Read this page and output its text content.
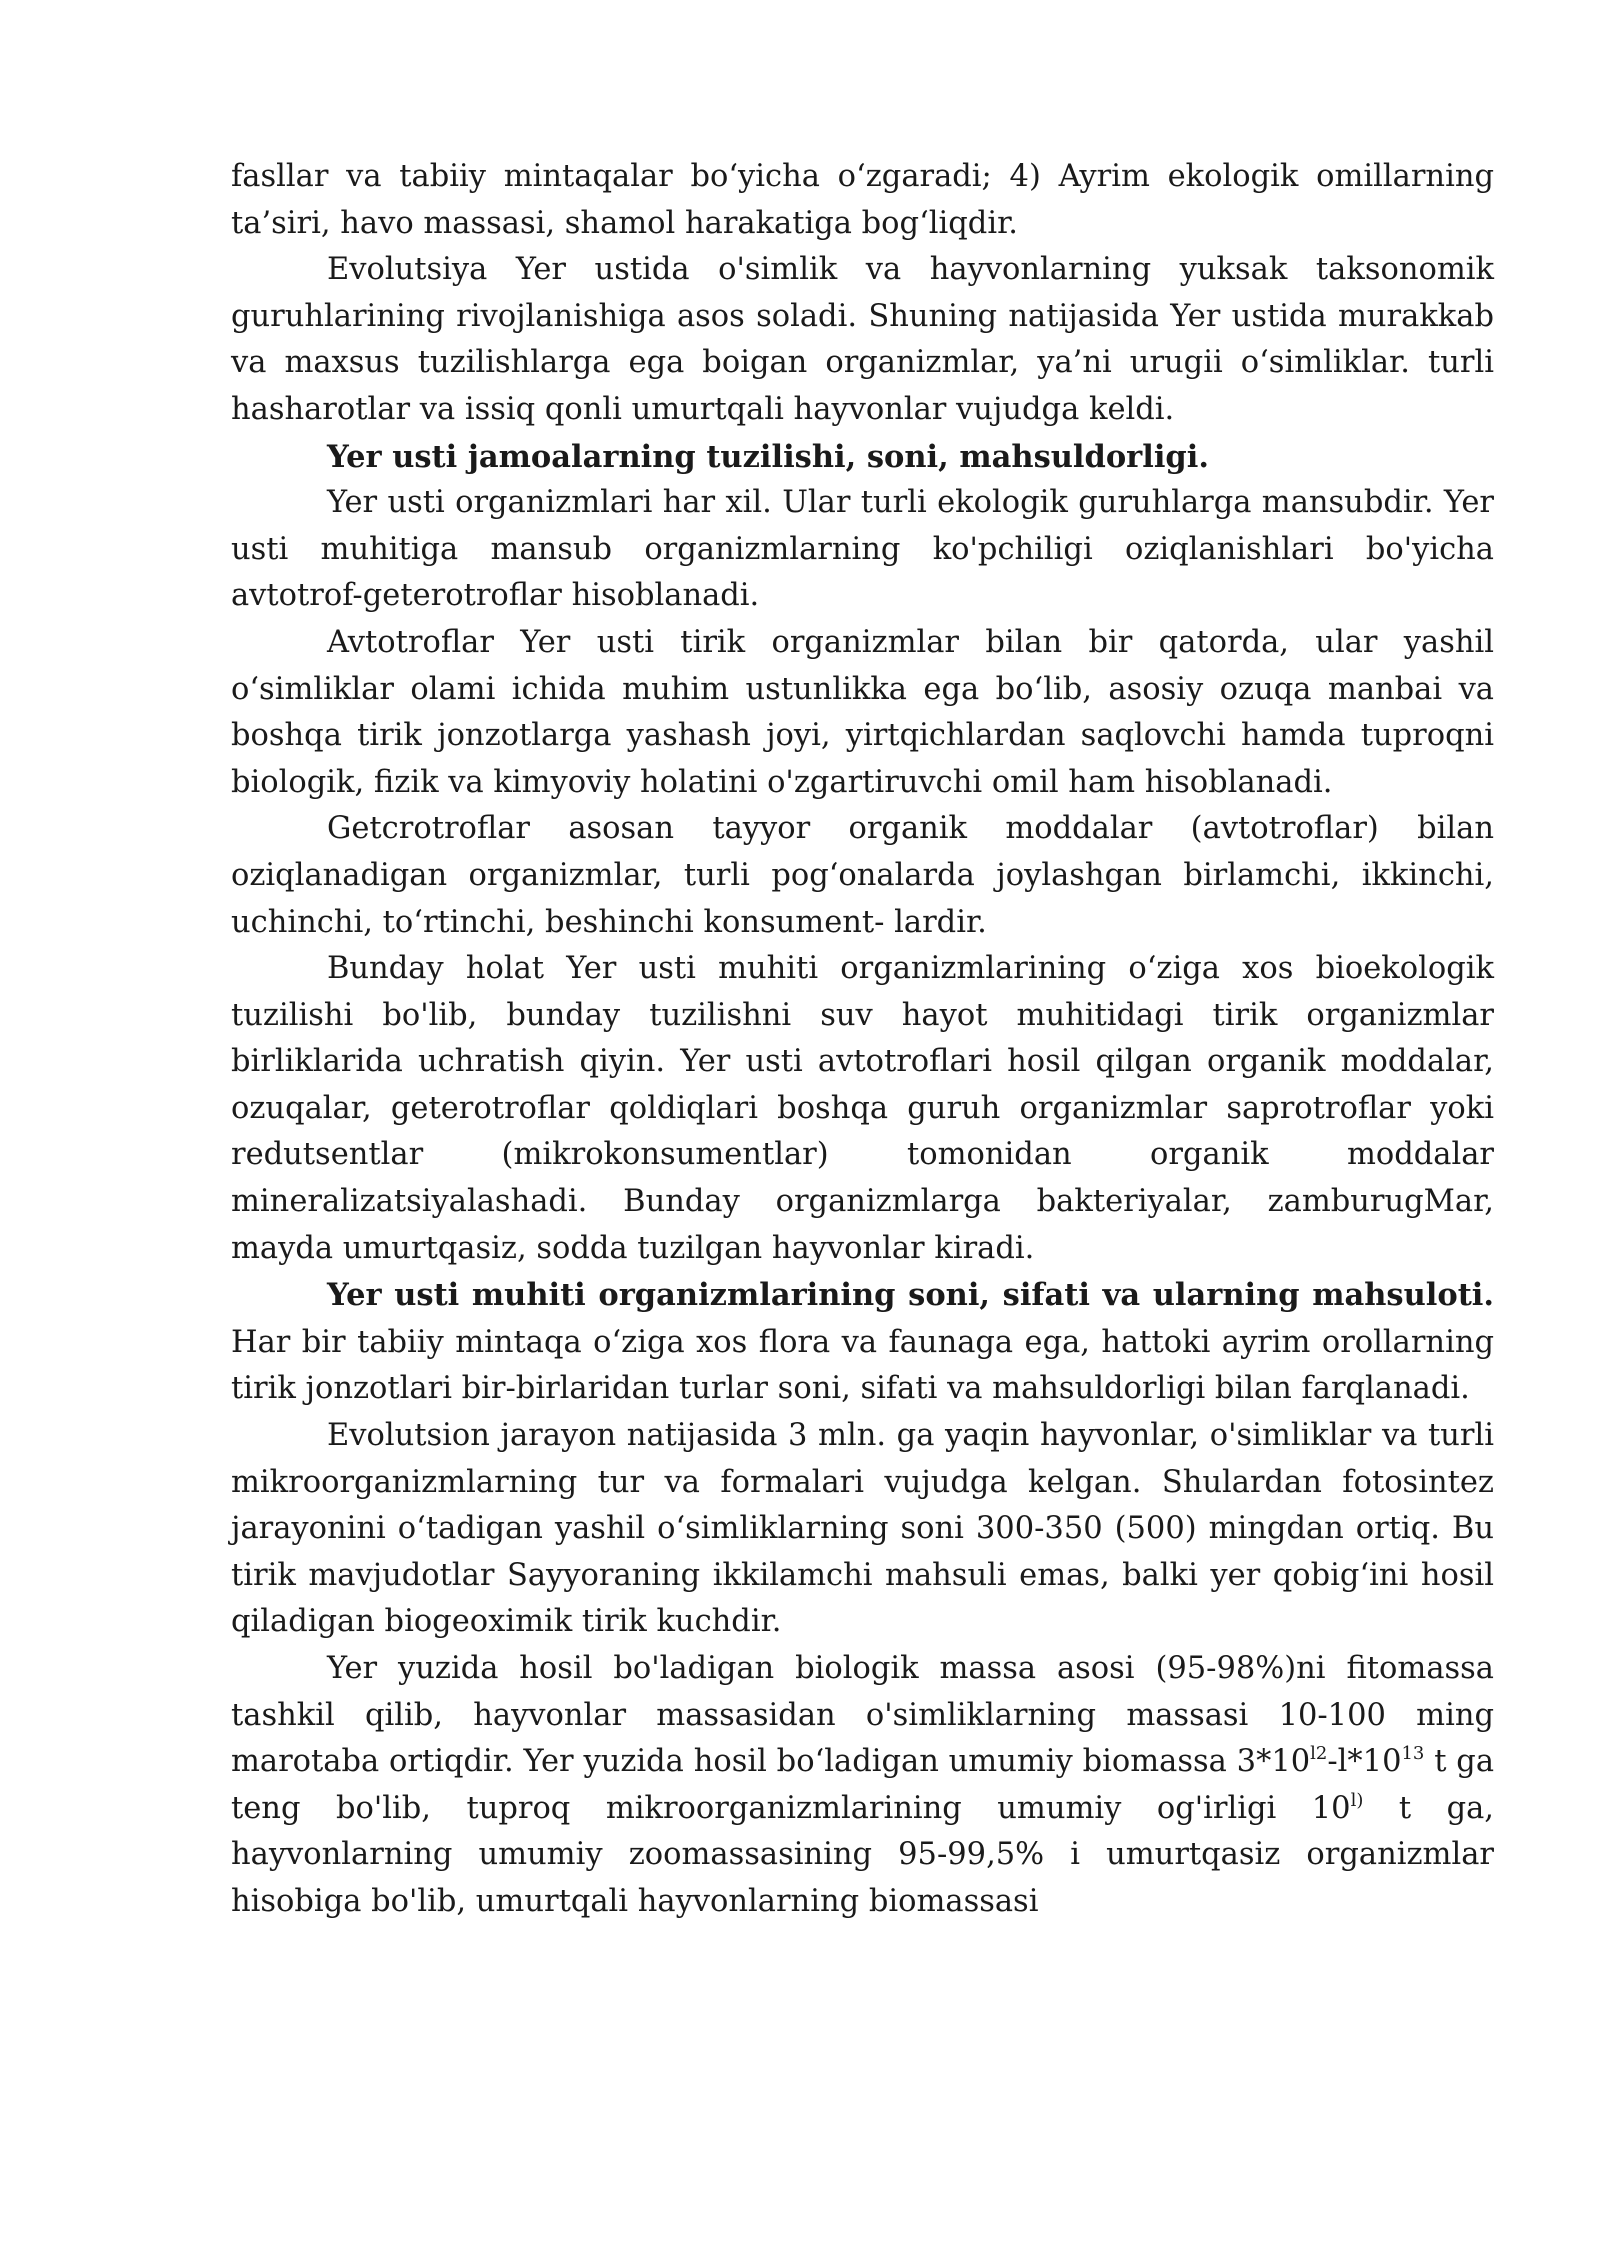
fasllar va tabiiy mintaqalar bo‘yicha o‘zgaradi; 4) Ayrim ekologik omillarning ta’siri, havo massasi, shamol harakatiga bog‘liqdir.

Evolutsiya Yer ustida o'simlik va hayvonlarning yuksak taksonomik guruhlarining rivojlanishiga asos soladi. Shuning natijasida Yer ustida murakkab va maxsus tuzilishlarga ega boigan organizmlar, ya’ni urugii o‘simliklar. turli hasharotlar va issiq qonli umurtqali hayvonlar vujudga keldi.

Yer usti jamoalarning tuzilishi, soni, mahsuldorligi.

Yer usti organizmlari har xil. Ular turli ekologik guruhlarga mansubdir. Yer usti muhitiga mansub organizmlarning ko'pchiligi oziqlanishlari bo'yicha avtotrof-geterotroflar hisoblanadi.

Avtotroflar Yer usti tirik organizmlar bilan bir qatorda, ular yashil o‘simliklar olami ichida muhim ustunlikka ega bo‘lib, asosiy ozuqa manbai va boshqa tirik jonzotlarga yashash joyi, yirtqichlardan saqlovchi hamda tuproqni biologik, fizik va kimyoviy holatini o'zgartiruvchi omil ham hisoblanadi.

Getcrotroflar asosan tayyor organik moddalar (avtotroflar) bilan oziqlanadigan organizmlar, turli pog‘onalarda joylashgan birlamchi, ikkinchi, uchinchi, to‘rtinchi, beshinchi konsument- lardir.

Bunday holat Yer usti muhiti organizmlarining o‘ziga xos bioekologik tuzilishi bo'lib, bunday tuzilishni suv hayot muhitidagi tirik organizmlar birliklarida uchratish qiyin. Yer usti avtotroflari hosil qilgan organik moddalar, ozuqalar, geterotroflar qoldiqlari boshqa guruh organizmlar saprotroflar yoki redutsentlar (mikrokonsumentlar) tomonidan organik moddalar mineralizatsiyalashadi. Bunday organizmlarga bakteriyalar, zamburugMar, mayda umurtqasiz, sodda tuzilgan hayvonlar kiradi.

Yer usti muhiti organizmlarining soni, sifati va ularning mahsuloti. Har bir tabiiy mintaqa o‘ziga xos flora va faunaga ega, hattoki ayrim orollarning tirik jonzotlari bir-birlaridan turlar soni, sifati va mahsuldorligi bilan farqlanadi.

Evolutsion jarayon natijasida 3 mln. ga yaqin hayvonlar, o'simliklar va turli mikroorganizmlarning tur va formalari vujudga kelgan. Shulardan fotosintez jarayonini o‘tadigan yashil o‘simliklarning soni 300-350 (500) mingdan ortiq. Bu tirik mavjudotlar Sayyoraning ikkilamchi mahsuli emas, balki yer qobig‘ini hosil qiladigan biogeoximik tirik kuchdir.

Yer yuzida hosil bo'ladigan biologik massa asosi (95-98%)ni fitomassa tashkil qilib, hayvonlar massasidan o'simliklarning massasi 10-100 ming marotaba ortiqdir. Yer yuzida hosil bo‘ladigan umumiy biomassa $3*10^{l2}-l*10^{13}$ t ga teng bo'lib, tuproq mikroorganizmlarining umumiy og'irligi 10$^{l)}$ t ga, hayvonlarning umumiy zoomassasining 95-99,5% i umurtqasiz organizmlar hisobiga bo'lib, umurtqali hayvonlarning biomassasi
